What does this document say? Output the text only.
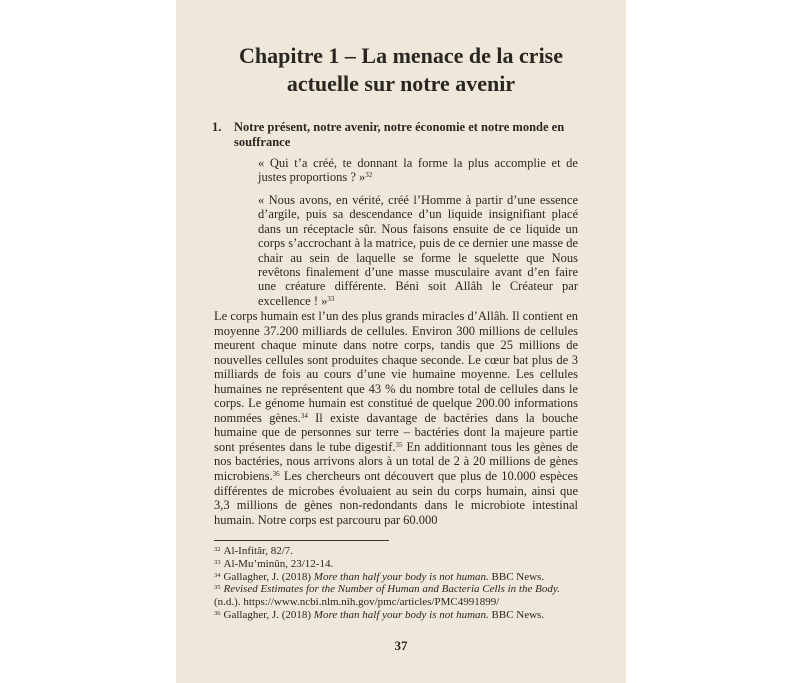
Chapitre 1 – La menace de la crise
actuelle sur notre avenir
1. Notre présent, notre avenir, notre économie et notre monde en souffrance
« Qui t’a créé, te donnant la forme la plus accomplie et de justes proportions ? »$^{32}$
« Nous avons, en vérité, créé l’Homme à partir d’une essence d’argile, puis sa descendance d’un liquide insignifiant placé dans un réceptacle sûr. Nous faisons ensuite de ce liquide un corps s’accrochant à la matrice, puis de ce dernier une masse de chair au sein de laquelle se forme le squelette que Nous revêtons finalement d’une masse musculaire avant d’en faire une créature différente. Béni soit Allâh le Créateur par excellence ! »$^{33}$
Le corps humain est l’un des plus grands miracles d’Allâh. Il contient en moyenne 37.200 milliards de cellules. Environ 300 millions de cellules meurent chaque minute dans notre corps, tandis que 25 millions de nouvelles cellules sont produites chaque seconde. Le cœur bat plus de 3 milliards de fois au cours d’une vie humaine moyenne. Les cellules humaines ne représentent que 43 % du nombre total de cellules dans le corps. Le génome humain est constitué de quelque 200.00 informations nommées gènes.$^{34}$ Il existe davantage de bactéries dans la bouche humaine que de personnes sur terre – bactéries dont la majeure partie sont présentes dans le tube digestif.$^{35}$ En additionnant tous les gènes de nos bactéries, nous arrivons alors à un total de 2 à 20 millions de gènes microbiens.$^{36}$ Les chercheurs ont découvert que plus de 10.000 espèces différentes de microbes évoluaient au sein du corps humain, ainsi que 3,3 millions de gènes non-redondants dans le microbiote intestinal humain. Notre corps est parcouru par 60.000
$^{32}$ Al-Infitâr, 82/7.
$^{33}$ Al-Mu’minûn, 23/12-14.
$^{34}$ Gallagher, J. (2018) More than half your body is not human. BBC News.
$^{35}$ Revised Estimates for the Number of Human and Bacteria Cells in the Body. (n.d.). https://www.ncbi.nlm.nih.gov/pmc/articles/PMC4991899/
$^{36}$ Gallagher, J. (2018) More than half your body is not human. BBC News.
37
